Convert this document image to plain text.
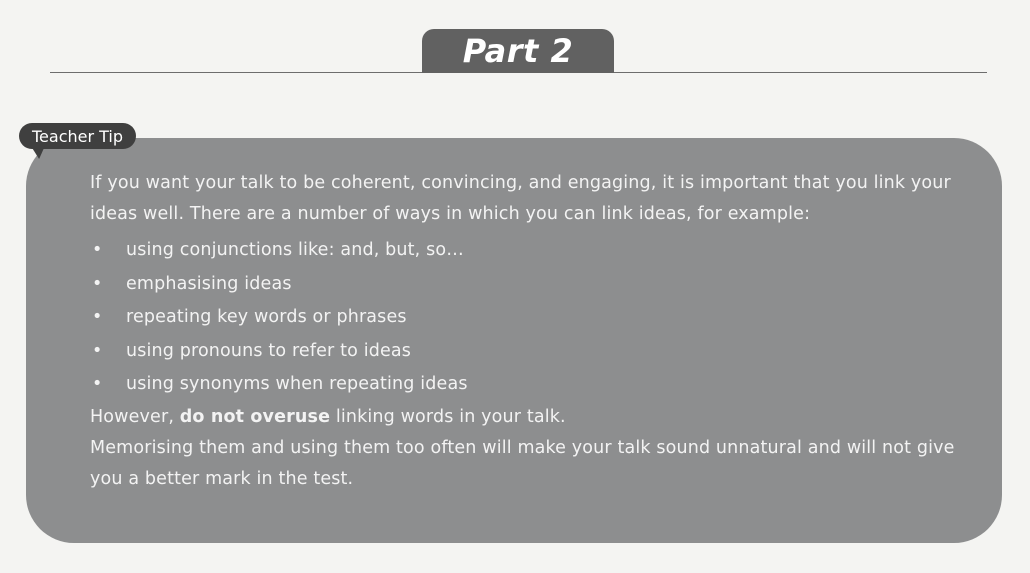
Part 2
Teacher Tip

If you want your talk to be coherent, convincing, and engaging, it is important that you link your ideas well. There are a number of ways in which you can link ideas, for example:

• using conjunctions like: and, but, so…
• emphasising ideas
• repeating key words or phrases
• using pronouns to refer to ideas
• using synonyms when repeating ideas

However, do not overuse linking words in your talk.

Memorising them and using them too often will make your talk sound unnatural and will not give you a better mark in the test.
